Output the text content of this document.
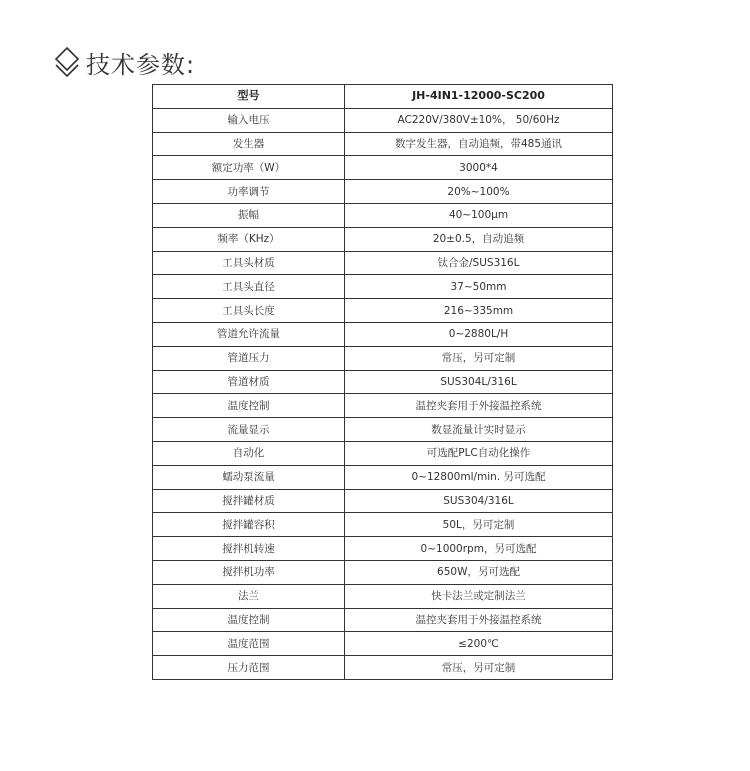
技术参数:
型号	JH-4IN1-12000-SC200
输入电压	AC220V/380V±10%， 50/60Hz
发生器	数字发生器，自动追频，带485通讯
额定功率（W）	3000*4
功率调节	20%~100%
振幅	40~100μm
频率（KHz）	20±0.5，自动追频
工具头材质	钛合金/SUS316L
工具头直径	37~50mm
工具头长度	216~335mm
管道允许流量	0~2880L/H
管道压力	常压，另可定制
管道材质	SUS304L/316L
温度控制	温控夹套用于外接温控系统
流量显示	数显流量计实时显示
自动化	可选配PLC自动化操作
蠕动泵流量	0~12800ml/min. 另可选配
搅拌罐材质	SUS304/316L
搅拌罐容积	50L，另可定制
搅拌机转速	0~1000rpm，另可选配
搅拌机功率	650W，另可选配
法兰	快卡法兰或定制法兰
温度控制	温控夹套用于外接温控系统
温度范围	≤200℃
压力范围	常压，另可定制
